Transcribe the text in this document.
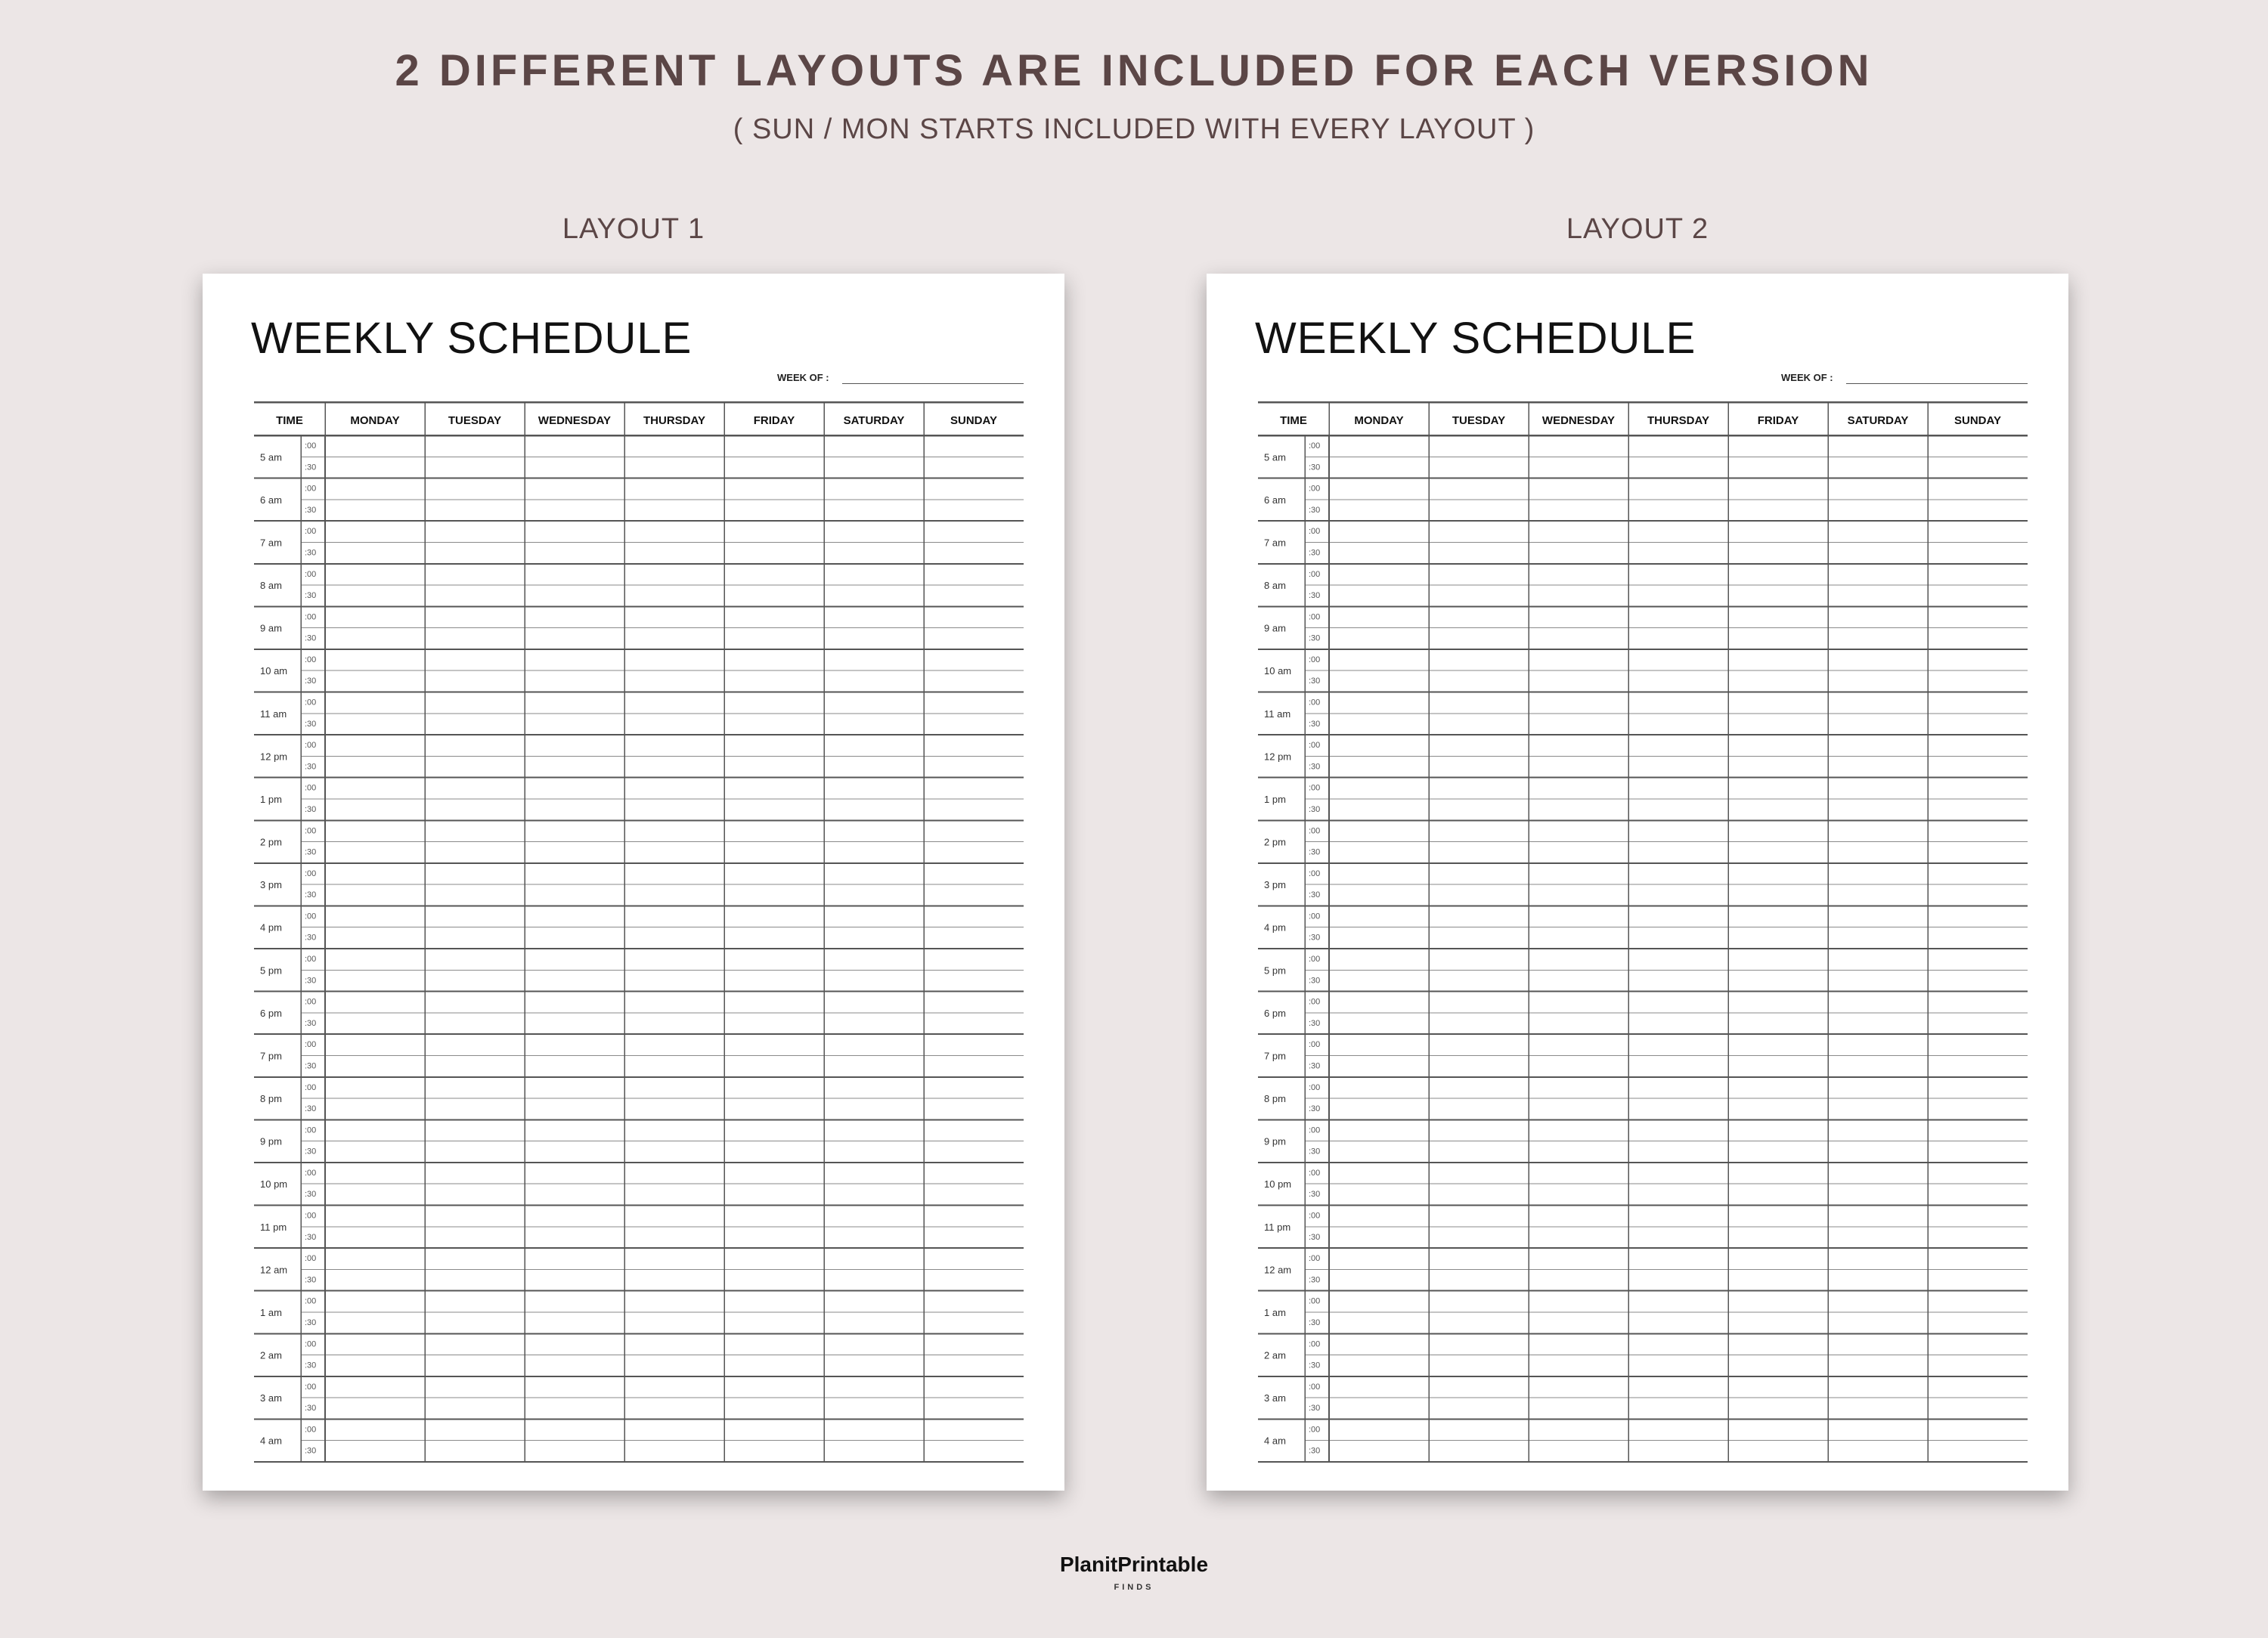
2 DIFFERENT LAYOUTS ARE INCLUDED FOR EACH VERSION
( SUN / MON STARTS INCLUDED WITH EVERY LAYOUT )
LAYOUT 1	LAYOUT 2
WEEKLY SCHEDULE
WEEK OF :
TIME	MONDAY	TUESDAY	WEDNESDAY	THURSDAY	FRIDAY	SATURDAY	SUNDAY
5 am
:00
:30
6 am
:00
:30
7 am
:00
:30
8 am
:00
:30
9 am
:00
:30
10 am
:00
:30
11 am
:00
:30
12 pm
:00
:30
1 pm
:00
:30
2 pm
:00
:30
3 pm
:00
:30
4 pm
:00
:30
5 pm
:00
:30
6 pm
:00
:30
7 pm
:00
:30
8 pm
:00
:30
9 pm
:00
:30
10 pm
:00
:30
11 pm
:00
:30
12 am
:00
:30
1 am
:00
:30
2 am
:00
:30
3 am
:00
:30
4 am
:00
:30
WEEKLY SCHEDULE
WEEK OF :
TIME	MONDAY	TUESDAY	WEDNESDAY	THURSDAY	FRIDAY	SATURDAY	SUNDAY
5 am
:00
:30
6 am
:00
:30
7 am
:00
:30
8 am
:00
:30
9 am
:00
:30
10 am
:00
:30
11 am
:00
:30
12 pm
:00
:30
1 pm
:00
:30
2 pm
:00
:30
3 pm
:00
:30
4 pm
:00
:30
5 pm
:00
:30
6 pm
:00
:30
7 pm
:00
:30
8 pm
:00
:30
9 pm
:00
:30
10 pm
:00
:30
11 pm
:00
:30
12 am
:00
:30
1 am
:00
:30
2 am
:00
:30
3 am
:00
:30
4 am
:00
:30
PlanitPrintable
FINDS
